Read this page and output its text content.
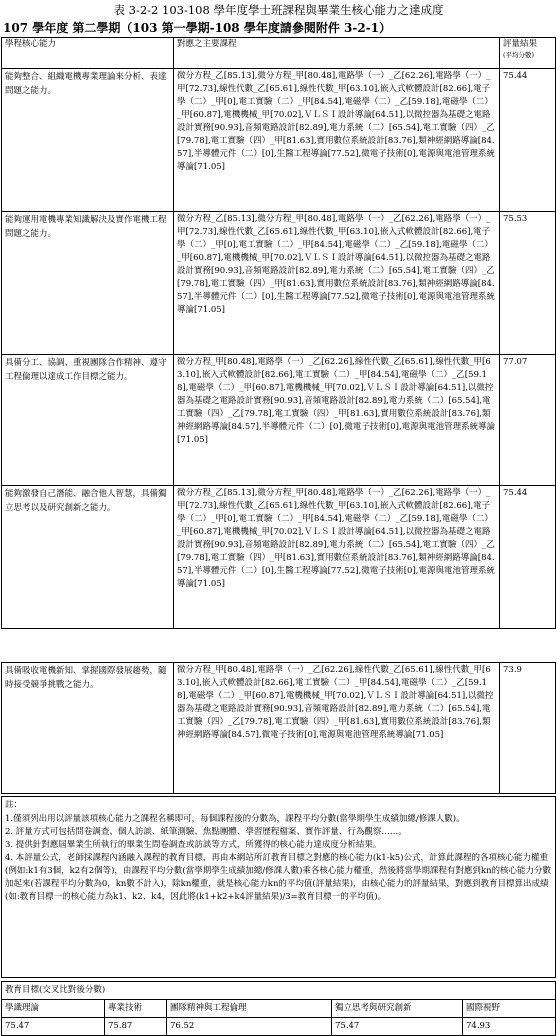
表 3-2-2 103-108 學年度學士班課程與畢業生核心能力之達成度
107 學年度 第二學期（103 第一學期-108 學年度請參閱附件 3-2-1）
學程核心能力	對應之主要課程	評量結果
(平均分數)
能夠整合、組織電機專業理論來分析、表達問題之能力。	微分方程_乙[85.13],微分方程_甲[80.48],電路學（一）_乙[62.26],電路學（一）_甲[72.73],線性代數_乙[65.61],線性代數_甲[63.10],嵌入式軟體設計[82.66],電子學（二）_甲[0],電工實驗（二）_甲[84.54],電磁學（二）_乙[59.18],電磁學（二）_甲[60.87],電機機械_甲[70.02],ＶＬＳＩ設計導論[64.51],以微控器為基礎之電路設計實務[90.93],音頻電路設計[82.89],電力系統（二）[65.54],電工實驗（四）_乙[79.78],電工實驗（四）_甲[81.63],實用數位系統設計[83.76],類神經網路導論[84.57],半導體元件（二）[0],生醫工程導論[77.52],微電子技術[0],電源與電池管理系統導論[71.05]	75.44
能夠運用電機專業知識解決及實作電機工程問題之能力。	微分方程_乙[85.13],微分方程_甲[80.48],電路學（一）_乙[62.26],電路學（一）_甲[72.73],線性代數_乙[65.61],線性代數_甲[63.10],嵌入式軟體設計[82.66],電子學（二）_甲[0],電工實驗（二）_甲[84.54],電磁學（二）_乙[59.18],電磁學（二）_甲[60.87],電機機械_甲[70.02],ＶＬＳＩ設計導論[64.51],以微控器為基礎之電路設計實務[90.93],音頻電路設計[82.89],電力系統（二）[65.54],電工實驗（四）_乙[79.78],電工實驗（四）_甲[81.63],實用數位系統設計[83.76],類神經網路導論[84.57],半導體元件（二）[0],生醫工程導論[77.52],微電子技術[0],電源與電池管理系統導論[71.05]	75.53
具備分工、協調、重視團隊合作精神、遵守工程倫理以達成工作目標之能力。	微分方程_甲[80.48],電路學（一）_乙[62.26],線性代數_乙[65.61],線性代數_甲[63.10],嵌入式軟體設計[82.66],電工實驗（二）_甲[84.54],電磁學（二）_乙[59.18],電磁學（二）_甲[60.87],電機機械_甲[70.02],ＶＬＳＩ設計導論[64.51],以微控器為基礎之電路設計實務[90.93],音頻電路設計[82.89],電力系統（二）[65.54],電工實驗（四）_乙[79.78],電工實驗（四）_甲[81.63],實用數位系統設計[83.76],類神經網路導論[84.57],半導體元件（二）[0],微電子技術[0],電源與電池管理系統導論[71.05]	77.07
能夠激發自己潛能、融合他人智慧，具備獨立思考以及研究創新之能力。	微分方程_乙[85.13],微分方程_甲[80.48],電路學（一）_乙[62.26],電路學（一）_甲[72.73],線性代數_乙[65.61],線性代數_甲[63.10],嵌入式軟體設計[82.66],電子學（二）_甲[0],電工實驗（二）_甲[84.54],電磁學（二）_乙[59.18],電磁學（二）_甲[60.87],電機機械_甲[70.02],ＶＬＳＩ設計導論[64.51],以微控器為基礎之電路設計實務[90.93],音頻電路設計[82.89],電力系統（二）[65.54],電工實驗（四）_乙[79.78],電工實驗（四）_甲[81.63],實用數位系統設計[83.76],類神經網路導論[84.57],半導體元件（二）[0],生醫工程導論[77.52],微電子技術[0],電源與電池管理系統導論[71.05]	75.44
具備吸收電機新知、掌握國際發展趨勢，隨時接受競爭挑戰之能力。	微分方程_甲[80.48],電路學（一）_乙[62.26],線性代數_乙[65.61],線性代數_甲[63.10],嵌入式軟體設計[82.66],電工實驗（二）_甲[84.54],電磁學（二）_乙[59.18],電磁學（二）_甲[60.87],電機機械_甲[70.02],ＶＬＳＩ設計導論[64.51],以微控器為基礎之電路設計實務[90.93],音頻電路設計[82.89],電力系統（二）[65.54],電工實驗（四）_乙[79.78],電工實驗（四）_甲[81.63],實用數位系統設計[83.76],類神經網路導論[84.57],微電子技術[0],電源與電池管理系統導論[71.05]	73.9

註：

1.僅須列出用以評量該項核心能力之課程名稱即可，每個課程後的分數為，課程平均分數(當學期學生成績加總/修課人數)。

2. 評量方式可包括問卷調查、個人訪談、紙筆測驗、焦點團體、學習歷程檔案、實作評量、行為觀察……。

3. 提供針對應屆畢業生所執行的畢業生問卷調查或訪談等方式，所獲得的核心能力達成度分析結果。

4. 本評量公式，老師採課程內涵融入課程的教育目標，再由本網站所訂教育目標之對應的核心能力(k1-k5)公式，計算此課程的各項核心能力權重(例如:k1有3個，k2有2個等)，由課程平均分數(當學期學生成績加總/修課人數)乘各核心能力權重，然後將當學期課程有對應到kn的核心能力分數加起來(若課程平均分數為0，kn數不計入)，除kn權重，就是核心能力kn的平均值(評量結果)，由核心能力的評量結果，對應到教育目標算出成績(如:教育目標一的核心能力為k1、k2、k4，因此將(k1+k2+k4評量結果)/3=教育目標一的平均值)。

教育目標(交叉比對後分數)				
學識理論	專業技術	團隊精神與工程倫理	獨立思考與研究創新	國際視野
75.47	75.87	76.52	75.47	74.93
